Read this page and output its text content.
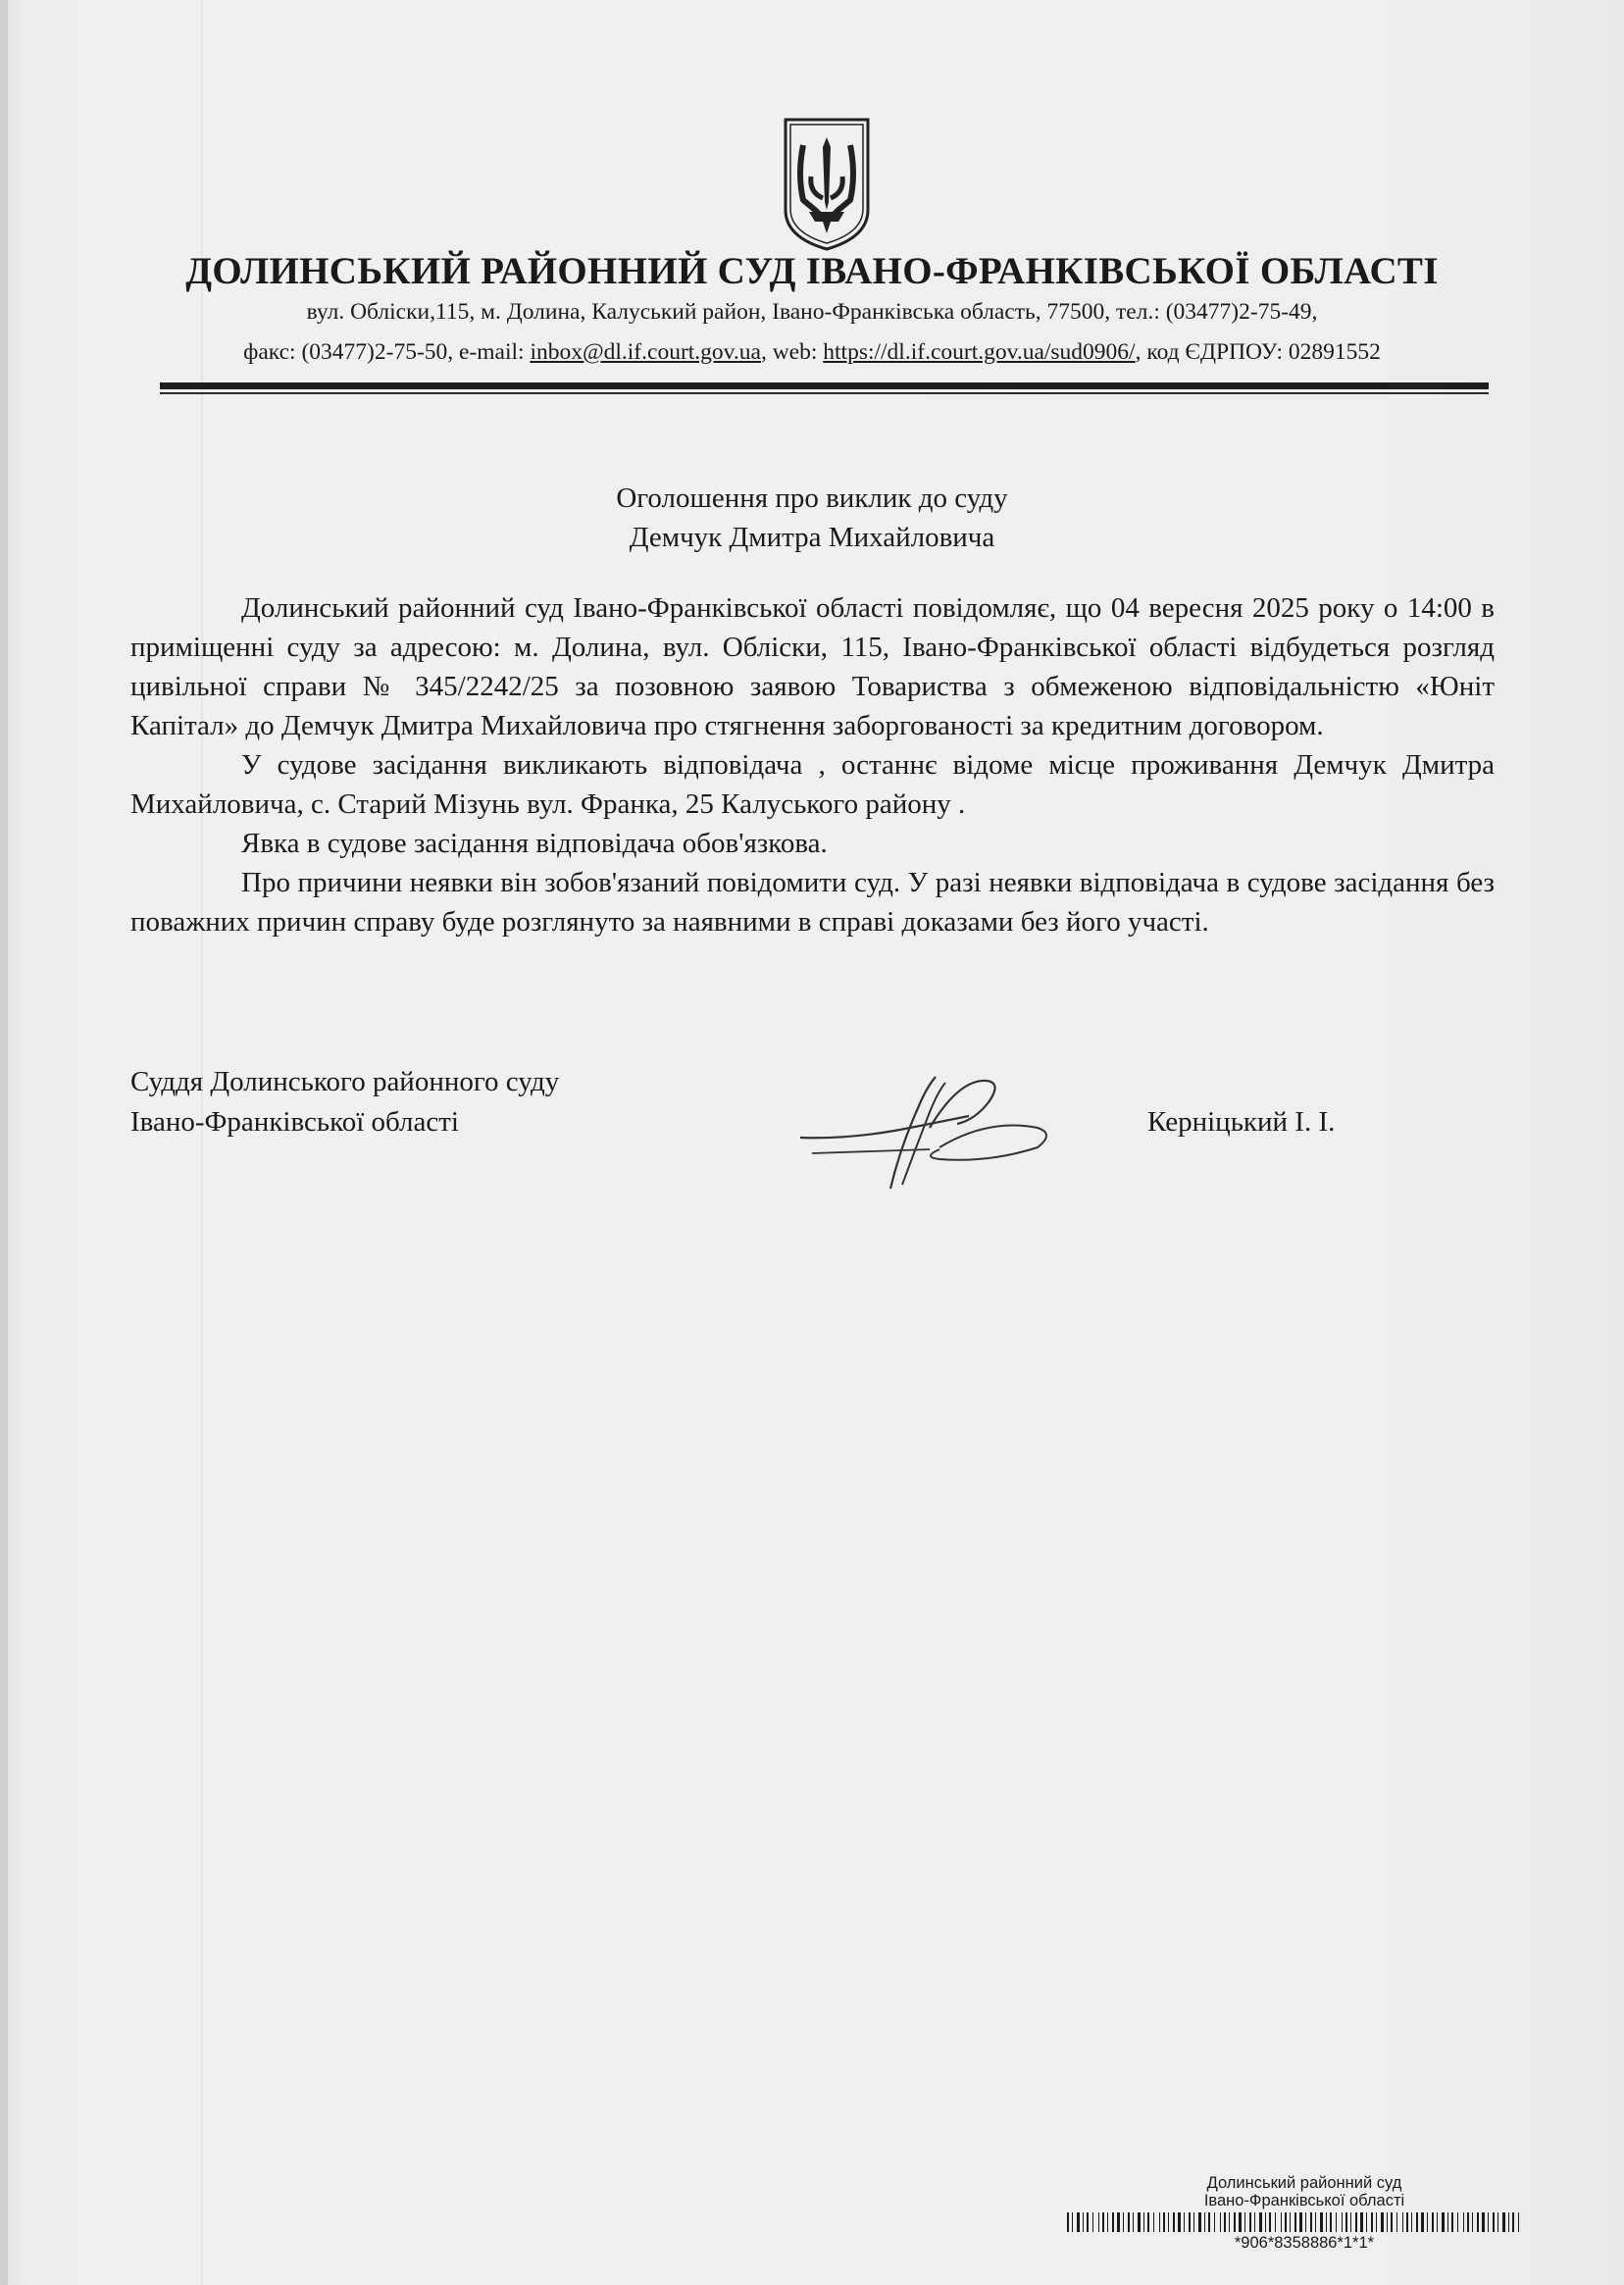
ДОЛИНСЬКИЙ РАЙОННИЙ СУД ІВАНО-ФРАНКІВСЬКОЇ ОБЛАСТІ
вул. Обліски,115, м. Долина, Калуський район, Івано-Франківська область, 77500, тел.: (03477)2-75-49,
факс: (03477)2-75-50, e-mail: inbox@dl.if.court.gov.ua, web: https://dl.if.court.gov.ua/sud0906/, код ЄДРПОУ: 02891552
Оголошення про виклик до суду
Демчук Дмитра Михайловича

Долинський районний суд Івано-Франківської області повідомляє, що 04 вересня 2025 року о 14:00 в приміщенні суду за адресою: м. Долина, вул. Обліски, 115, Івано-Франківської області відбудеться розгляд цивільної справи № 345/2242/25 за позовною заявою Товариства з обмеженою відповідальністю «Юніт Капітал» до Демчук Дмитра Михайловича про стягнення заборгованості за кредитним договором.

У судове засідання викликають відповідача , останнє відоме місце проживання Демчук Дмитра Михайловича, с. Старий Мізунь вул. Франка, 25 Калуського району .

Явка в судове засідання відповідача обов'язкова.

Про причини неявки він зобов'язаний повідомити суд. У разі неявки відповідача в судове засідання без поважних причин справу буде розглянуто за наявними в справі доказами без його участі.

Суддя Долинського районного суду
Івано-Франківської області	Керніцький І. І.
Долинський районний суд
Івано-Франківської області
*906*8358886*1*1*
